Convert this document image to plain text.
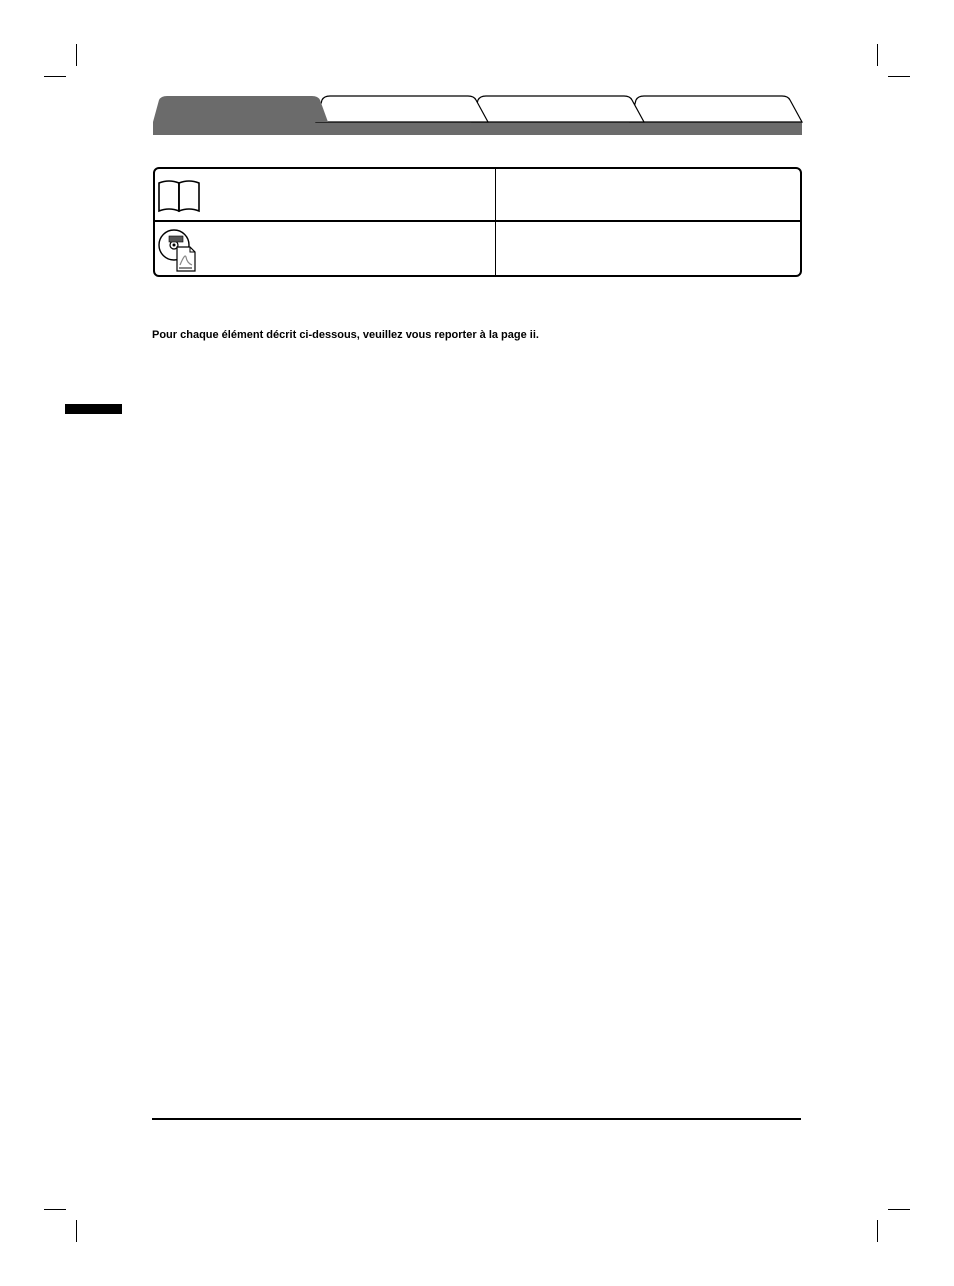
Pour chaque élément décrit ci-dessous, veuillez vous reporter à la page ii.
